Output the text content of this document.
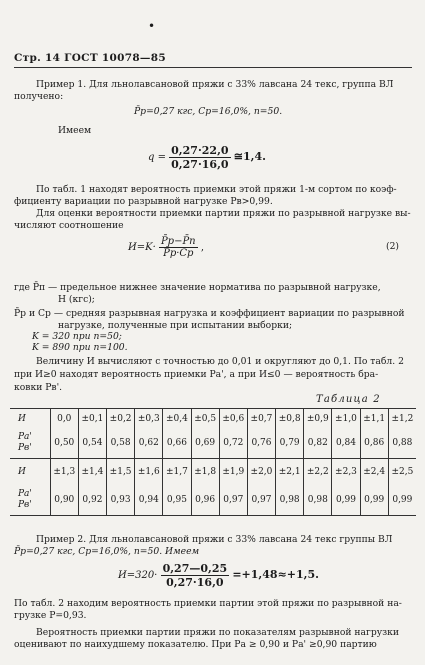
•
Стр. 14 ГОСТ 10078—85
Пример 1. Для льнолавсановой пряжи с 33% лавсана 24 текс, группа ВЛ
получено:
P̄р=0,27 кгс, Cр=16,0%, n=50.
Имеем
$q = \frac{0,27\cdot 22,0}{0,27\cdot 16,0}$ ≅1,4.
По табл. 1 находят вероятность приемки этой пряжи 1-м сортом по коэф-
фициенту вариации по разрывной нагрузке Pв>0,99.
Для оценки вероятности приемки партии пряжи по разрывной нагрузке вы-
числяют соотношение
$И=K\cdot \frac{P̄р-P̄п}{P̄р\cdot Cр}$ ,	(2)
где P̄п — предельное нижнее значение норматива по разрывной нагрузке,
Н (кгс);
P̄р и Cр — средняя разрывная нагрузка и коэффициент вариации по разрывной
нагрузке, полученные при испытании выборки;
K = 320 при n=50;
K = 890 при n=100.
Величину И вычисляют с точностью до 0,01 и округляют до 0,1. По табл. 2
при И≥0 находят вероятность приемки Pа', а при И≤0 — вероятность бра-
ковки Pв'.
Таблица 2
И	0,0	±0,1	±0,2	±0,3	±0,4	±0,5	±0,6	±0,7	±0,8	±0,9	±1,0	±1,1	±1,2
Pа'
Pв'	0,50	0,54	0,58	0,62	0,66	0,69	0,72	0,76	0,79	0,82	0,84	0,86	0,88
И	±1,3	±1,4	±1,5	±1,6	±1,7	±1,8	±1,9	±2,0	±2,1	±2,2	±2,3	±2,4	±2,5
Pа'
Pв'	0,90	0,92	0,93	0,94	0,95	0,96	0,97	0,97	0,98	0,98	0,99	0,99	0,99
Пример 2. Для льнолавсановой пряжи с 33% лавсана 24 текс группы ВЛ
P̄р=0,27 кгс, Cр=16,0%, n=50. Имеем
$И=320\cdot \frac{0,27—0,25}{0,27\cdot 16,0} =+1,48\approx+1,5$.
По табл. 2 находим вероятность приемки партии этой пряжи по разрывной на-
грузке P=0,93.
Вероятность приемки партии пряжи по показателям разрывной нагрузки
оценивают по наихудшему показателю. При Pа ≥ 0,90 и Pа' ≥0,90 партию
